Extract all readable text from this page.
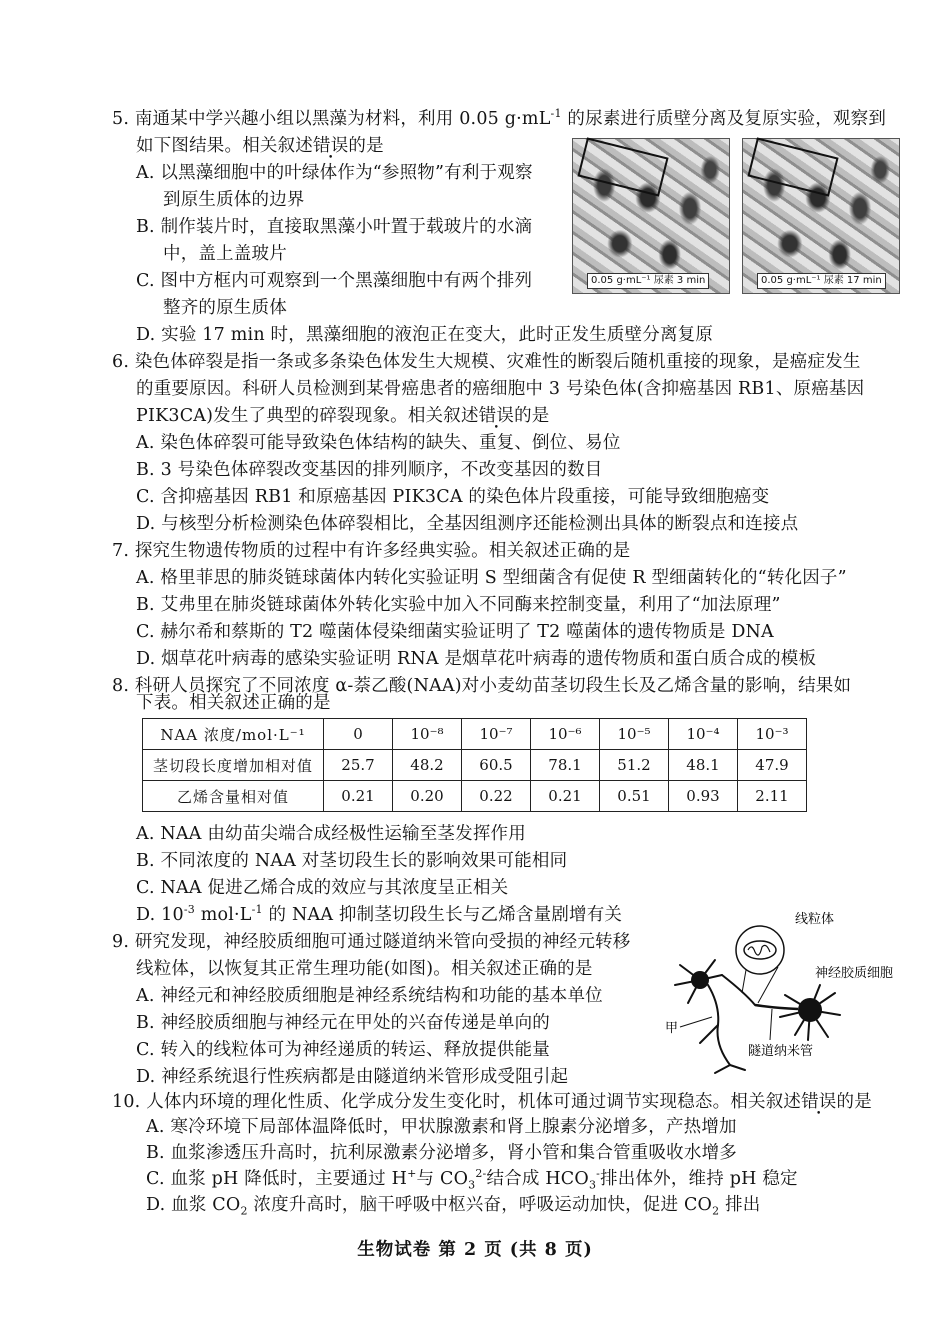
5. 南通某中学兴趣小组以黑藻为材料，利用 0.05 $g\cdot mL^{-1}$ 的尿素进行质壁分离及复原实验，观察到
如下图结果。相关叙述错误的是
A. 以黑藻细胞中的叶绿体作为“参照物”有利于观察
到原生质体的边界
B. 制作装片时，直接取黑藻小叶置于载玻片的水滴
中，盖上盖玻片
C. 图中方框内可观察到一个黑藻细胞中有两个排列
整齐的原生质体
D. 实验 17 min 时，黑藻细胞的液泡正在变大，此时正发生质壁分离复原
0.05 g·mL⁻¹ 尿素 3 min	0.05 g·mL⁻¹ 尿素 17 min
6. 染色体碎裂是指一条或多条染色体发生大规模、灾难性的断裂后随机重接的现象，是癌症发生
的重要原因。科研人员检测到某骨癌患者的癌细胞中 3 号染色体(含抑癌基因 RB1、原癌基因
PIK3CA)发生了典型的碎裂现象。相关叙述错误的是
A. 染色体碎裂可能导致染色体结构的缺失、重复、倒位、易位
B. 3 号染色体碎裂改变基因的排列顺序，不改变基因的数目
C. 含抑癌基因 RB1 和原癌基因 PIK3CA 的染色体片段重接，可能导致细胞癌变
D. 与核型分析检测染色体碎裂相比，全基因组测序还能检测出具体的断裂点和连接点
7. 探究生物遗传物质的过程中有许多经典实验。相关叙述正确的是
A. 格里菲思的肺炎链球菌体内转化实验证明 S 型细菌含有促使 R 型细菌转化的“转化因子”
B. 艾弗里在肺炎链球菌体外转化实验中加入不同酶来控制变量，利用了“加法原理”
C. 赫尔希和蔡斯的 T2 噬菌体侵染细菌实验证明了 T2 噬菌体的遗传物质是 DNA
D. 烟草花叶病毒的感染实验证明 RNA 是烟草花叶病毒的遗传物质和蛋白质合成的模板
8. 科研人员探究了不同浓度 α-萘乙酸(NAA)对小麦幼苗茎切段生长及乙烯含量的影响，结果如
下表。相关叙述正确的是
NAA 浓度/mol·L⁻¹	0	10⁻⁸	10⁻⁷	10⁻⁶	10⁻⁵	10⁻⁴	10⁻³
茎切段长度增加相对值	25.7	48.2	60.5	78.1	51.2	48.1	47.9
乙烯含量相对值	0.21	0.20	0.22	0.21	0.51	0.93	2.11
A. NAA 由幼苗尖端合成经极性运输至茎发挥作用
B. 不同浓度的 NAA 对茎切段生长的影响效果可能相同
C. NAA 促进乙烯合成的效应与其浓度呈正相关
D. $10^{-3}$ $mol\cdot L^{-1}$ 的 NAA 抑制茎切段生长与乙烯含量剧增有关
9. 研究发现，神经胶质细胞可通过隧道纳米管向受损的神经元转移
线粒体，以恢复其正常生理功能(如图)。相关叙述正确的是
A. 神经元和神经胶质细胞是神经系统结构和功能的基本单位
B. 神经胶质细胞与神经元在甲处的兴奋传递是单向的
C. 转入的线粒体可为神经递质的转运、释放提供能量
D. 神经系统退行性疾病都是由隧道纳米管形成受阻引起
线粒体
神经胶质细胞
甲
隧道纳米管
10. 人体内环境的理化性质、化学成分发生变化时，机体可通过调节实现稳态。相关叙述错误的是
A. 寒冷环境下局部体温降低时，甲状腺激素和肾上腺素分泌增多，产热增加
B. 血浆渗透压升高时，抗利尿激素分泌增多，肾小管和集合管重吸收水增多
C. 血浆 pH 降低时，主要通过 H+与 $CO_3^{2-}$结合成 $HCO_3^-$排出体外，维持 pH 稳定
D. 血浆 $CO_2$ 浓度升高时，脑干呼吸中枢兴奋，呼吸运动加快，促进 $CO_2$ 排出
生物试卷 第 2 页 (共 8 页)
